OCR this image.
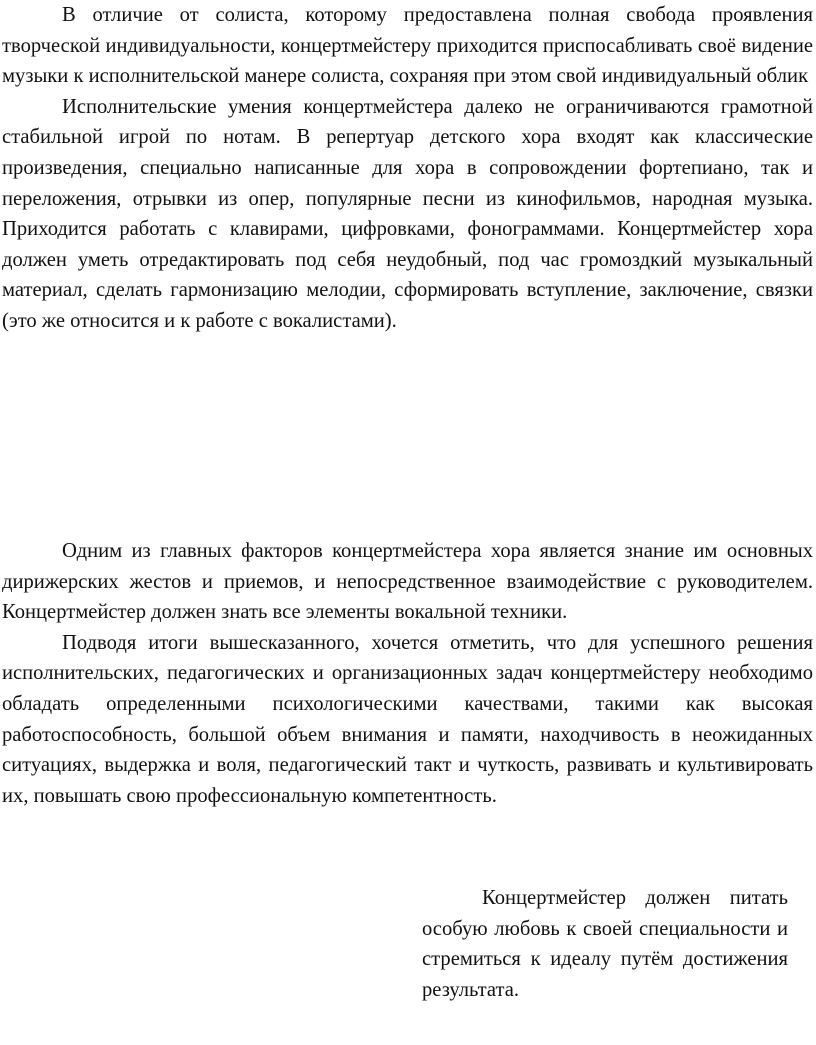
В отличие от солиста, которому предоставлена полная свобода проявления творческой индивидуальности, концертмейстеру приходится приспосабливать своё видение музыки к исполнительской манере солиста, сохраняя при этом свой индивидуальный облик

Исполнительские умения концертмейстера далеко не ограничиваются грамотной стабильной игрой по нотам. В репертуар детского хора входят как классические произведения, специально написанные для хора в сопровождении фортепиано, так и переложения, отрывки из опер, популярные песни из кинофильмов, народная музыка. Приходится работать с клавирами, цифровками, фонограммами. Концертмейстер хора должен уметь отредактировать под себя неудобный, под час громоздкий музыкальный материал, сделать гармонизацию мелодии, сформировать вступление, заключение, связки (это же относится и к работе с вокалистами).

Одним из главных факторов концертмейстера хора является знание им основных дирижерских жестов и приемов, и непосредственное взаимодействие с руководителем. Концертмейстер должен знать все элементы вокальной техники.

Подводя итоги вышесказанного, хочется отметить, что для успешного решения исполнительских, педагогических и организационных задач концертмейстеру необходимо обладать определенными психологическими качествами, такими как высокая работоспособность, большой объем внимания и памяти, находчивость в неожиданных ситуациях, выдержка и воля, педагогический такт и чуткость, развивать и культивировать их, повышать свою профессиональную компетентность.

Концертмейстер должен питать особую любовь к своей специальности и стремиться к идеалу путём достижения результата.
